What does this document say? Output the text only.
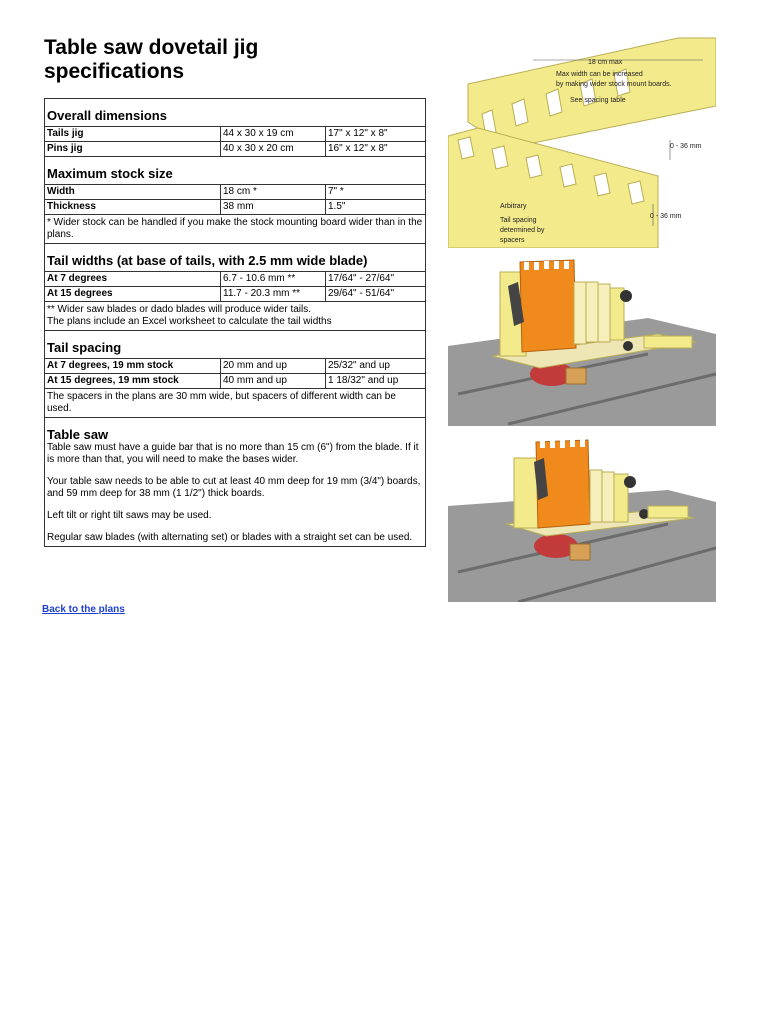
Table saw dovetail jig specifications
Overall dimensions		
Tails jig	44 x 30 x 19 cm	17" x 12" x 8"
Pins jig	40 x 30 x 20 cm	16" x 12" x 8"
Maximum stock size		
Width	18 cm *	7" *
Thickness	38 mm	1.5"
* Wider stock can be handled if you make the stock mounting board wider than in the plans.		
Tail widths (at base of tails, with 2.5 mm wide blade)		
At 7 degrees	6.7 - 10.6 mm **	17/64" - 27/64"
At 15 degrees	11.7 - 20.3 mm **	29/64" - 51/64"

** Wider saw blades or dado blades will produce wider tails.
The plans include an Excel worksheet to calculate the tail widths		

Tail spacing		
At 7 degrees, 19 mm stock	20 mm and up	25/32" and up
At 15 degrees, 19 mm stock	40 mm and up	1 18/32" and up
The spacers in the plans are 30 mm wide, but spacers of different width can be used.		

Table saw

Table saw must have a guide bar that is no more than 15 cm (6") from the blade. If it is more than that, you will need to make the bases wider.

Your table saw needs to be able to cut at least 40 mm deep for 19 mm (3/4") boards, and 59 mm deep for 38 mm (1 1/2") thick boards.

Left tilt or right tilt saws may be used.

Regular saw blades (with alternating set) or blades with a straight set can be used.		

Back to the plans
18 cm max
Max width can be increased
by making wider stock mount boards.
See spacing table
0 - 36 mm
0 - 36 mm
Arbitrary
Tail spacing
determined by
spacers
